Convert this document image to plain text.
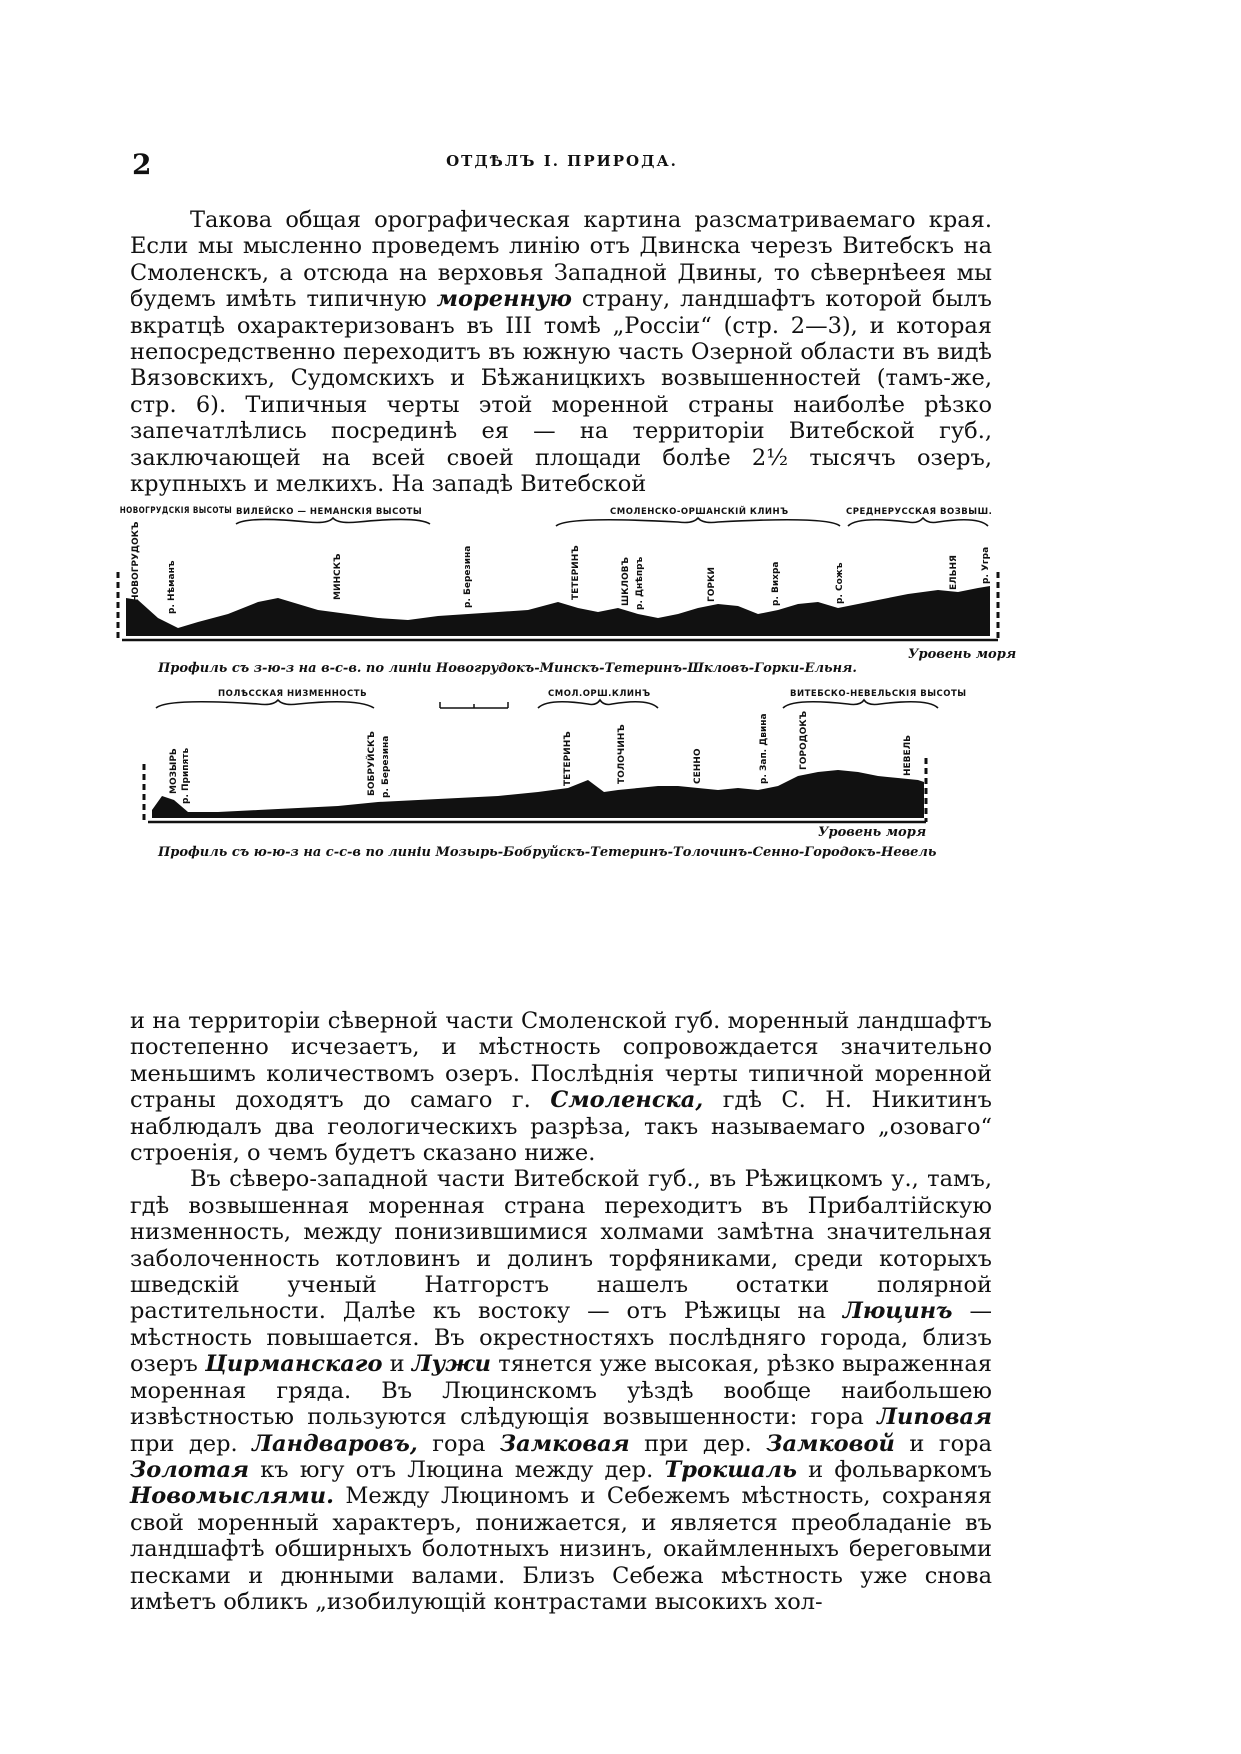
2	ОТДѢЛЪ I. ПРИРОДА.

Такова общая орографическая картина разсматриваемаго края. Если мы мысленно проведемъ линію отъ Двинска черезъ Витебскъ на Смоленскъ, а отсюда на верховья Западной Двины, то сѣвернѣеея мы будемъ имѣть типичную моренную страну, ландшафтъ которой былъ вкратцѣ охарактеризованъ въ III томѣ „Россіи“ (стр. 2—3), и которая непосредственно переходитъ въ южную часть Озерной области въ видѣ Вязовскихъ, Судомскихъ и Бѣжаницкихъ возвышенностей (тамъ-же, стр. 6). Типичныя черты этой моренной страны наиболѣе рѣзко запечатлѣлись посрединѣ ея — на территоріи Витебской губ., заключающей на всей своей площади болѣе 2½ тысячъ озеръ, крупныхъ и мелкихъ. На западѣ Витебской

НОВОГРУДСКІЯ ВЫСОТЫ ВИЛЕЙСКО — НЕМАНСКІЯ ВЫСОТЫ	СМОЛЕНСКО-ОРШАНСКІЙ КЛИНЪ	СРЕДНЕРУССКАЯ ВОЗВЫШ.
НОВОГРУДОКЪ	р. Нѣманъ	МИНСКЪ	р. Березина	ТЕТЕРИНЪ	ШКЛОВЪ р. Днѣпръ	ГОРКИ	р. Вихра	р. Сожъ	ЕЛЬНЯ р. Угра
Уровень моря
Профиль съ з-ю-з на в-с-в. по линіи Новогрудокъ-Минскъ-Тетеринъ-Шкловъ-Горки-Ельня.
ПОЛѢССКАЯ НИЗМЕННОСТЬ	СМОЛ.ОРШ.КЛИНЪ	ВИТЕБСКО-НЕВЕЛЬСКІЯ ВЫСОТЫ
МОЗЫРЬ р. Припять	БОБРУЙСКЪ р. Березина	ТЕТЕРИНЪ	ТОЛОЧИНЪ	СЕННО	р. Зап. Двина	ГОРОДОКЪ	НЕВЕЛЬ
Уровень моря
Профиль съ ю-ю-з на с-с-в по линіи Мозырь-Бобруйскъ-Тетеринъ-Толочинъ-Сенно-Городокъ-Невель

и на территоріи сѣверной части Смоленской губ. моренный ландшафтъ постепенно исчезаетъ, и мѣстность сопровождается значительно меньшимъ количествомъ озеръ. Послѣднія черты типичной моренной страны доходятъ до самаго г. Смоленска, гдѣ С. Н. Никитинъ наблюдалъ два геологическихъ разрѣза, такъ называемаго „озоваго“ строенія, о чемъ будетъ сказано ниже.

Въ сѣверо-западной части Витебской губ., въ Рѣжицкомъ у., тамъ, гдѣ возвышенная моренная страна переходитъ въ Прибалтійскую низменность, между понизившимися холмами замѣтна значительная заболоченность котловинъ и долинъ торфяниками, среди которыхъ шведскій ученый Натгорстъ нашелъ остатки полярной растительности. Далѣе къ востоку — отъ Рѣжицы на Люцинъ — мѣстность повышается. Въ окрестностяхъ послѣдняго города, близъ озеръ Цирманскаго и Лужи тянется уже высокая, рѣзко выраженная моренная гряда. Въ Люцинскомъ уѣздѣ вообще наибольшею извѣстностью пользуются слѣдующія возвышенности: гора Липовая при дер. Ландваровъ, гора Замковая при дер. Замковой и гора Золотая къ югу отъ Люцина между дер. Трокшаль и фольваркомъ Новомыслями. Между Люциномъ и Себежемъ мѣстность, сохраняя свой моренный характеръ, понижается, и является преобладаніе въ ландшафтѣ обширныхъ болотныхъ низинъ, окаймленныхъ береговыми песками и дюнными валами. Близъ Себежа мѣстность уже снова имѣетъ обликъ „изобилующій контрастами высокихъ хол-
